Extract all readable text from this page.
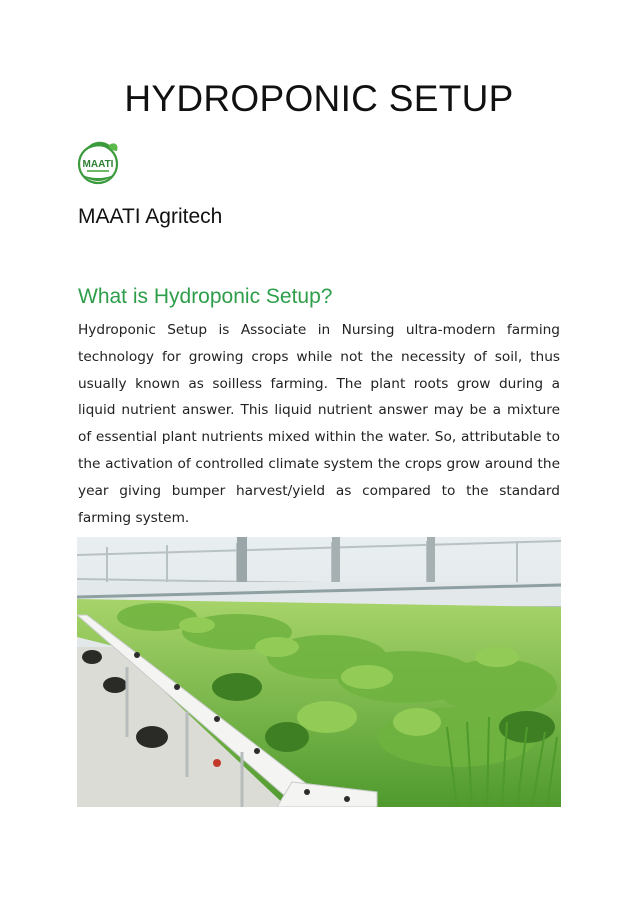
HYDROPONIC SETUP
MAATI
MAATI Agritech
What is Hydroponic Setup?

Hydroponic Setup is Associate in Nursing ultra-modern farming technology for growing crops while not the necessity of soil, thus usually known as soilless farming. The plant roots grow during a liquid nutrient answer. This liquid nutrient answer may be a mixture of essential plant nutrients mixed within the water. So, attributable to the activation of controlled climate system the crops grow around the year giving bumper harvest/yield as compared to the standard farming system.
